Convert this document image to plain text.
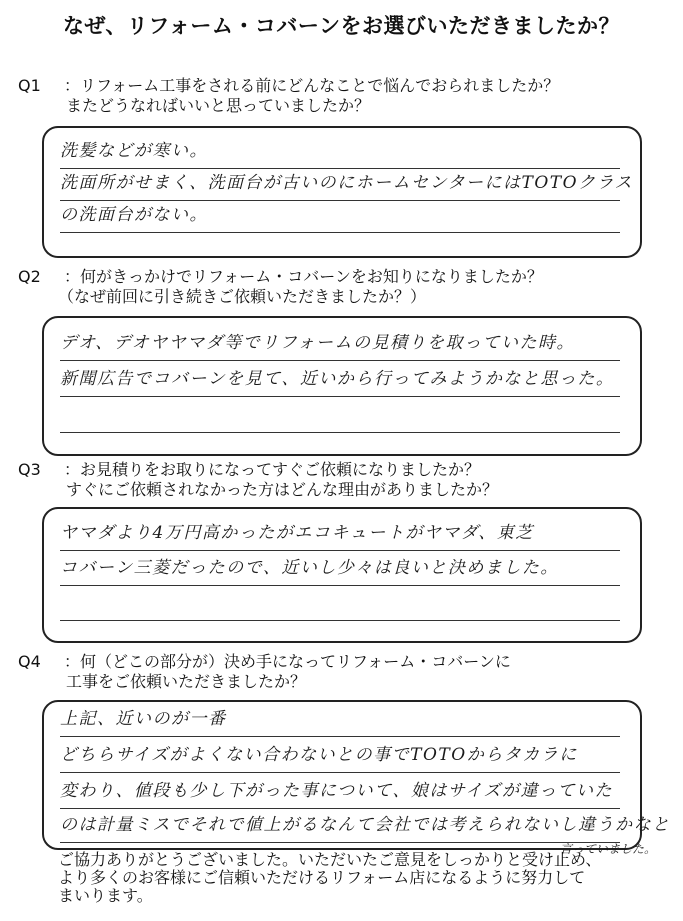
なぜ、リフォーム・コバーンをお選びいただきましたか？
Q1 ：リフォーム工事をされる前にどんなことで悩んでおられましたか？
またどうなればいいと思っていましたか？
洗髪などが寒い。
洗面所がせまく、洗面台が古いのにホームセンターにはTOTOクラス
の洗面台がない。
Q2 ：何がきっかけでリフォーム・コバーンをお知りになりましたか？
（なぜ前回に引き続きご依頼いただきましたか？）
デオ、デオヤヤマダ等でリフォームの見積りを取っていた時。
新聞広告でコバーンを見て、近いから行ってみようかなと思った。
Q3 ：お見積りをお取りになってすぐご依頼になりましたか？
すぐにご依頼されなかった方はどんな理由がありましたか？
ヤマダより4万円高かったがエコキュートがヤマダ、東芝
コバーン三菱だったので、近いし少々は良いと決めました。
Q4 ：何（どこの部分が）決め手になってリフォーム・コバーンに
工事をご依頼いただきましたか？
上記、近いのが一番
どちらサイズがよくない合わないとの事でTOTOからタカラに
変わり、値段も少し下がった事について、娘はサイズが違っていた
のは計量ミスでそれで値上がるなんて会社では考えられないし違うかなと
言っていました。
ご協力ありがとうございました。いただいたご意見をしっかりと受け止め、
より多くのお客様にご信頼いただけるリフォーム店になるように努力して
まいります。
